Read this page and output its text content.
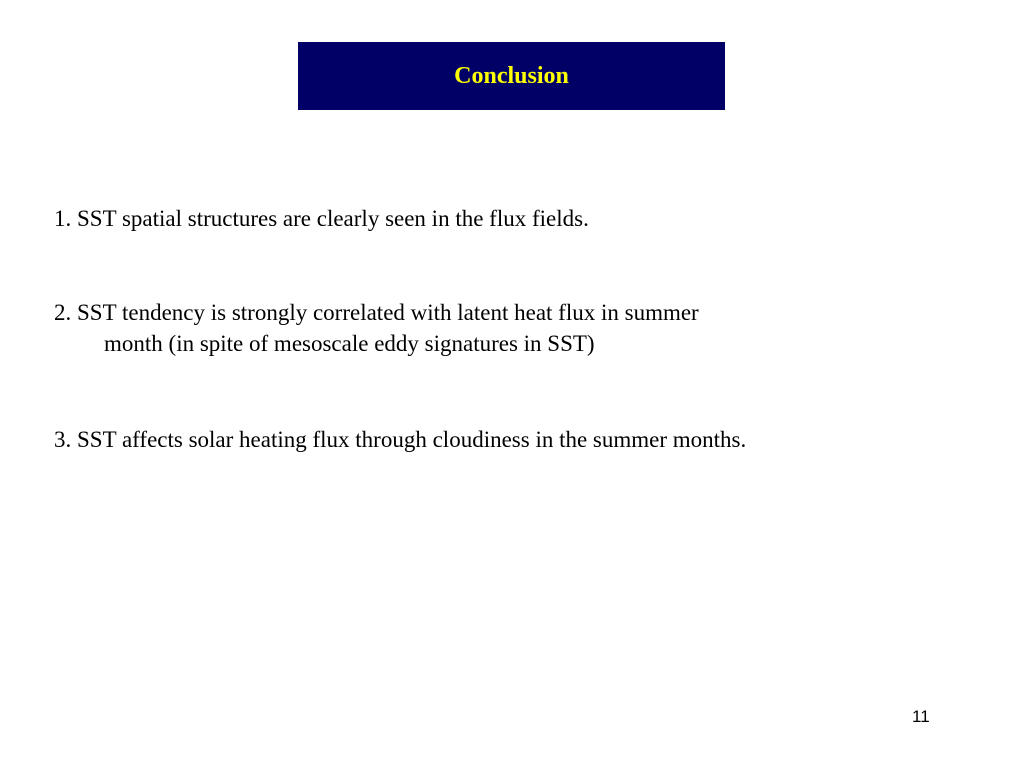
Conclusion

1. SST spatial structures are clearly seen in the flux fields.

2. SST tendency is strongly correlated with latent heat flux in summer
month (in spite of mesoscale eddy signatures in SST)

3. SST affects solar heating flux through cloudiness in the summer months.

11
